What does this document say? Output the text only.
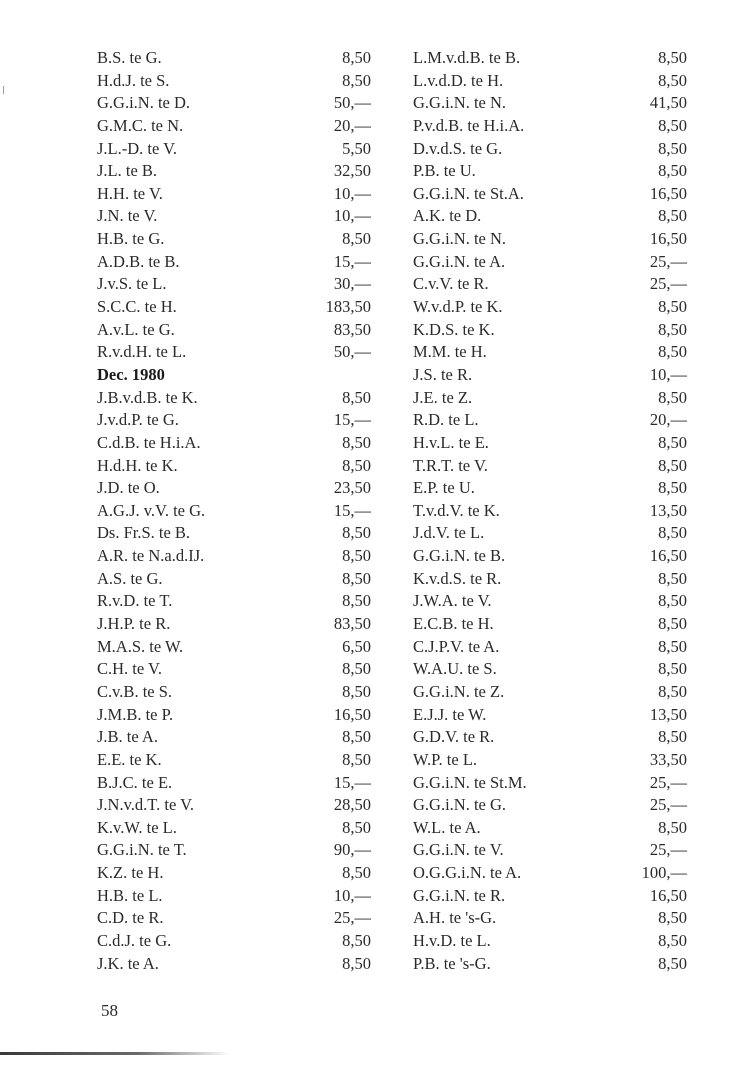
B.S. te G.	8,50
H.d.J. te S.	8,50
G.G.i.N. te D.	50,—
G.M.C. te N.	20,—
J.L.-D. te V.	5,50
J.L. te B.	32,50
H.H. te V.	10,—
J.N. te V.	10,—
H.B. te G.	8,50
A.D.B. te B.	15,—
J.v.S. te L.	30,—
S.C.C. te H.	183,50
A.v.L. te G.	83,50
R.v.d.H. te L.	50,—
Dec. 1980
J.B.v.d.B. te K.	8,50
J.v.d.P. te G.	15,—
C.d.B. te H.i.A.	8,50
H.d.H. te K.	8,50
J.D. te O.	23,50
A.G.J. v.V. te G.	15,—
Ds. Fr.S. te B.	8,50
A.R. te N.a.d.IJ.	8,50
A.S. te G.	8,50
R.v.D. te T.	8,50
J.H.P. te R.	83,50
M.A.S. te W.	6,50
C.H. te V.	8,50
C.v.B. te S.	8,50
J.M.B. te P.	16,50
J.B. te A.	8,50
E.E. te K.	8,50
B.J.C. te E.	15,—
J.N.v.d.T. te V.	28,50
K.v.W. te L.	8,50
G.G.i.N. te T.	90,—
K.Z. te H.	8,50
H.B. te L.	10,—
C.D. te R.	25,—
C.d.J. te G.	8,50
J.K. te A.	8,50
L.M.v.d.B. te B.	8,50
L.v.d.D. te H.	8,50
G.G.i.N. te N.	41,50
P.v.d.B. te H.i.A.	8,50
D.v.d.S. te G.	8,50
P.B. te U.	8,50
G.G.i.N. te St.A.	16,50
A.K. te D.	8,50
G.G.i.N. te N.	16,50
G.G.i.N. te A.	25,—
C.v.V. te R.	25,—
W.v.d.P. te K.	8,50
K.D.S. te K.	8,50
M.M. te H.	8,50
J.S. te R.	10,—
J.E. te Z.	8,50
R.D. te L.	20,—
H.v.L. te E.	8,50
T.R.T. te V.	8,50
E.P. te U.	8,50
T.v.d.V. te K.	13,50
J.d.V. te L.	8,50
G.G.i.N. te B.	16,50
K.v.d.S. te R.	8,50
J.W.A. te V.	8,50
E.C.B. te H.	8,50
C.J.P.V. te A.	8,50
W.A.U. te S.	8,50
G.G.i.N. te Z.	8,50
E.J.J. te W.	13,50
G.D.V. te R.	8,50
W.P. te L.	33,50
G.G.i.N. te St.M.	25,—
G.G.i.N. te G.	25,—
W.L. te A.	8,50
G.G.i.N. te V.	25,—
O.G.G.i.N. te A.	100,—
G.G.i.N. te R.	16,50
A.H. te 's-G.	8,50
H.v.D. te L.	8,50
P.B. te 's-G.	8,50
58
